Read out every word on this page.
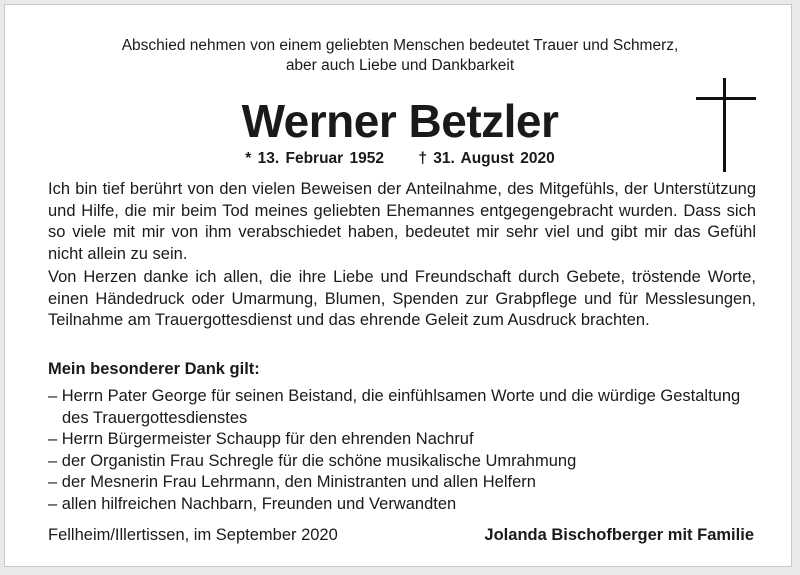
Abschied nehmen von einem geliebten Menschen bedeutet Trauer und Schmerz,
aber auch Liebe und Dankbarkeit
Werner Betzler
* 13. Februar 1952 † 31. August 2020
Ich bin tief berührt von den vielen Beweisen der Anteilnahme, des Mitgefühls, der Unterstützung und Hilfe, die mir beim Tod meines geliebten Ehemannes entgegengebracht wurden. Dass sich so viele mit mir von ihm verabschiedet haben, bedeutet mir sehr viel und gibt mir das Gefühl nicht allein zu sein.
Von Herzen danke ich allen, die ihre Liebe und Freundschaft durch Gebete, tröstende Worte, einen Händedruck oder Umarmung, Blumen, Spenden zur Grabpflege und für Messlesungen, Teilnahme am Trauergottesdienst und das ehrende Geleit zum Ausdruck brachten.
Mein besonderer Dank gilt:
– Herrn Pater George für seinen Beistand, die einfühlsamen Worte und die würdige Gestaltung des Trauergottesdienstes
– Herrn Bürgermeister Schaupp für den ehrenden Nachruf
– der Organistin Frau Schregle für die schöne musikalische Umrahmung
– der Mesnerin Frau Lehrmann, den Ministranten und allen Helfern
– allen hilfreichen Nachbarn, Freunden und Verwandten
Fellheim/Illertissen, im September 2020	Jolanda Bischofberger mit Familie
